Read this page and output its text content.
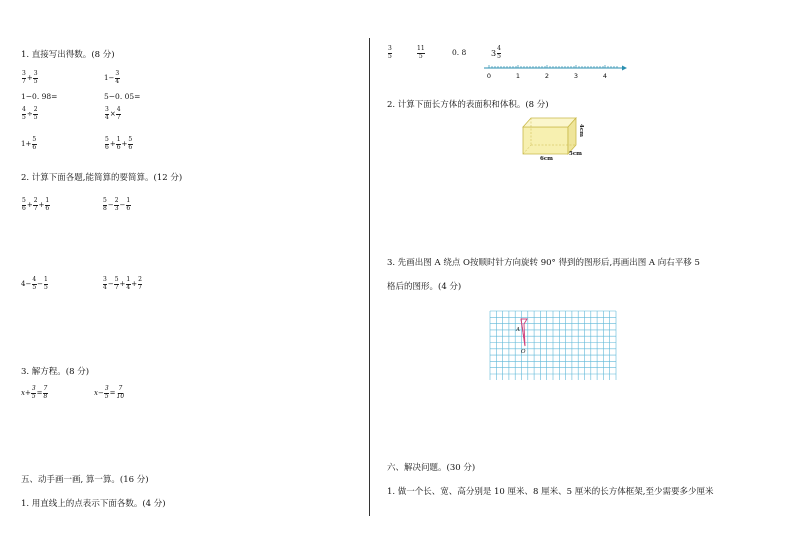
1. 直接写出得数。(8 分)
$\frac{3}{7} + \frac{3}{5}$	$1- \frac{3}{4}$
1−0. 98=	5−0. 05=
$\frac{4}{5} \div \frac{2}{5}$	$\frac{3}{4} \times \frac{4}{7}$
$1+ \frac{5}{6}$	$\frac{5}{6} + \frac{1}{6} + \frac{5}{6}$
2. 计算下面各题,能简算的要简算。(12 分)
$\frac{5}{6} + \frac{2}{7} + \frac{1}{6}$	$\frac{5}{8} - \frac{2}{3} - \frac{1}{6}$
$4- \frac{4}{5} - \frac{1}{5}$	$\frac{3}{4} - \frac{5}{7} + \frac{1}{4} + \frac{2}{7}$
3. 解方程。(8 分)
$x+ \frac{3}{5} = \frac{7}{8}$	$x- \frac{3}{5} = \frac{7}{10}$
五、动手画一画, 算一算。(16 分)
1. 用直线上的点表示下面各数。(4 分)
$\frac{3}{5}$	$\frac{11}{5}$	0. 8	$3 \frac{4}{5}$
0	1	2	3	4
2. 计算下面长方体的表面积和体积。(8 分)
6cm
5cm
4cm
3. 先画出图 A 绕点 O按顺时针方向旋转 90° 得到的图形后,再画出图 A 向右平移 5
格后的图形。(4 分)
A
O
六、解决问题。(30 分)
1. 做一个长、宽、高分别是 10 厘米、8 厘米、5 厘米的长方体框架,至少需要多少厘米
